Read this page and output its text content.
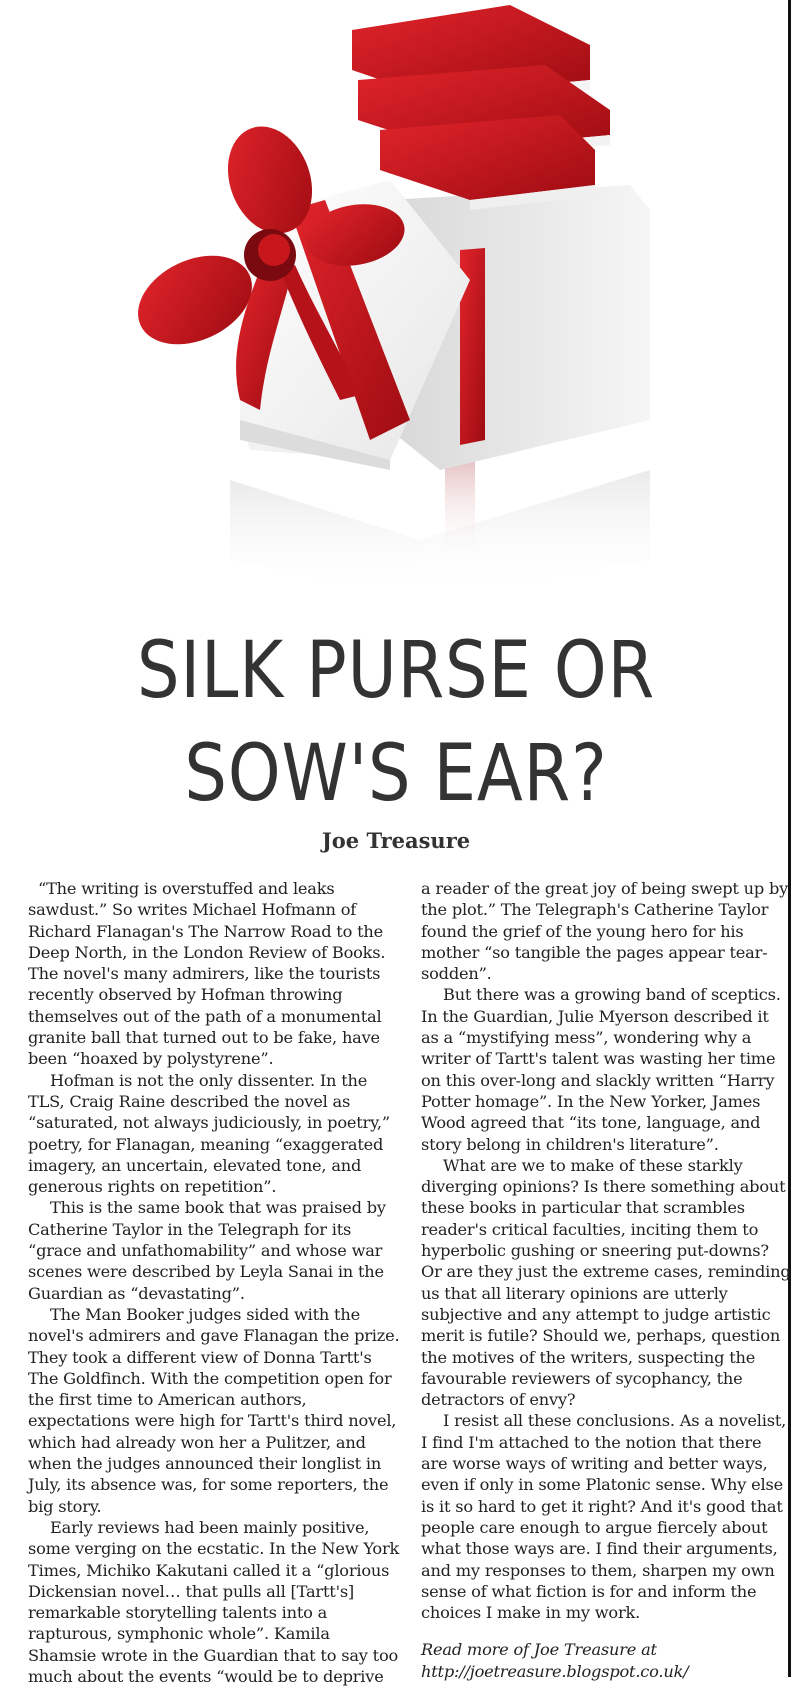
SILK PURSE OR
SOW'S EAR?
Joe Treasure

“The writing is overstuffed and leaks sawdust.” So writes Michael Hofmann of Richard Flanagan's The Narrow Road to the Deep North, in the London Review of Books. The novel's many admirers, like the tourists recently observed by Hofman throwing themselves out of the path of a monumental granite ball that turned out to be fake, have been “hoaxed by polystyrene”.

Hofman is not the only dissenter. In the TLS, Craig Raine described the novel as “saturated, not always judiciously, in poetry,” poetry, for Flanagan, meaning “exaggerated imagery, an uncertain, elevated tone, and generous rights on repetition”.

This is the same book that was praised by Catherine Taylor in the Telegraph for its “grace and unfathomability” and whose war scenes were described by Leyla Sanai in the Guardian as “devastating”.

The Man Booker judges sided with the novel's admirers and gave Flanagan the prize. They took a different view of Donna Tartt's The Goldfinch. With the competition open for the first time to American authors, expectations were high for Tartt's third novel, which had already won her a Pulitzer, and when the judges announced their longlist in July, its absence was, for some reporters, the big story.

Early reviews had been mainly positive, some verging on the ecstatic. In the New York Times, Michiko Kakutani called it a “glorious Dickensian novel… that pulls all [Tartt's] remarkable storytelling talents into a rapturous, symphonic whole”. Kamila Shamsie wrote in the Guardian that to say too much about the events “would be to deprive

a reader of the great joy of being swept up by the plot.” The Telegraph's Catherine Taylor found the grief of the young hero for his mother “so tangible the pages appear tear-sodden”.

But there was a growing band of sceptics. In the Guardian, Julie Myerson described it as a “mystifying mess”, wondering why a writer of Tartt's talent was wasting her time on this over-long and slackly written “Harry Potter homage”. In the New Yorker, James Wood agreed that “its tone, language, and story belong in children's literature”.

What are we to make of these starkly diverging opinions? Is there something about these books in particular that scrambles reader's critical faculties, inciting them to hyperbolic gushing or sneering put-downs? Or are they just the extreme cases, reminding us that all literary opinions are utterly subjective and any attempt to judge artistic merit is futile? Should we, perhaps, question the motives of the writers, suspecting the favourable reviewers of sycophancy, the detractors of envy?

I resist all these conclusions. As a novelist, I find I'm attached to the notion that there are worse ways of writing and better ways, even if only in some Platonic sense. Why else is it so hard to get it right? And it's good that people care enough to argue fiercely about what those ways are. I find their arguments, and my responses to them, sharpen my own sense of what fiction is for and inform the choices I make in my work.

Read more of Joe Treasure at http://joetreasure.blogspot.co.uk/
